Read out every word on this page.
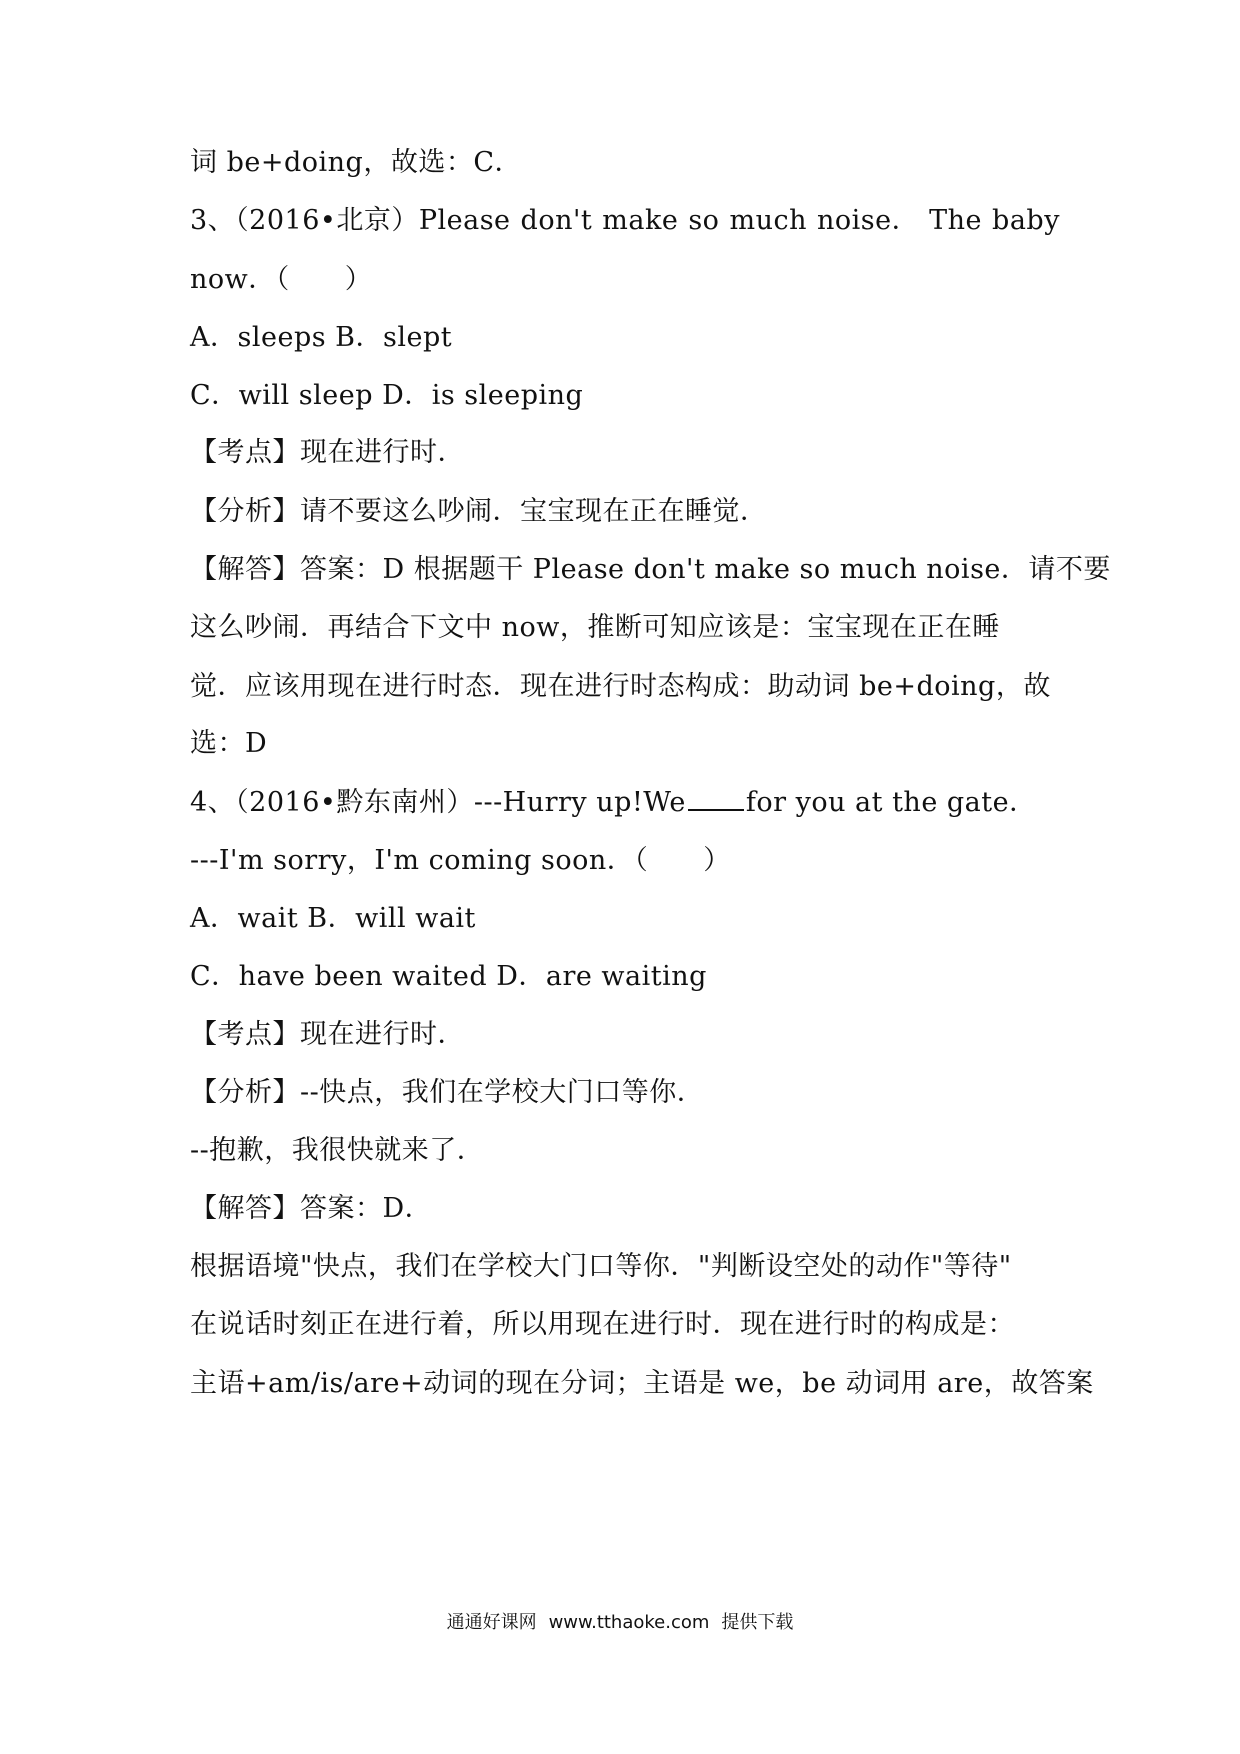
词 be+doing，故选：C．
3、（2016•北京）Please don't make so much noise． The baby
now．（　　）
A．sleeps B．slept
C．will sleep D．is sleeping
【考点】现在进行时．
【分析】请不要这么吵闹．宝宝现在正在睡觉．
【解答】答案：D 根据题干 Please don't make so much noise．请不要
这么吵闹．再结合下文中 now，推断可知应该是：宝宝现在正在睡
觉．应该用现在进行时态．现在进行时态构成：助动词 be+doing，故
选：D
4、（2016•黔东南州）---Hurry up!We for you at the gate．
---I'm sorry，I'm coming soon．（　　）
A．wait B．will wait
C．have been waited D．are waiting
【考点】现在进行时．
【分析】--快点，我们在学校大门口等你．
--抱歉，我很快就来了．
【解答】答案：D．
根据语境"快点，我们在学校大门口等你．"判断设空处的动作"等待"
在说话时刻正在进行着，所以用现在进行时．现在进行时的构成是：
主语+am/is/are+动词的现在分词；主语是 we，be 动词用 are，故答案
通通好课网 www.tthaoke.com 提供下载
